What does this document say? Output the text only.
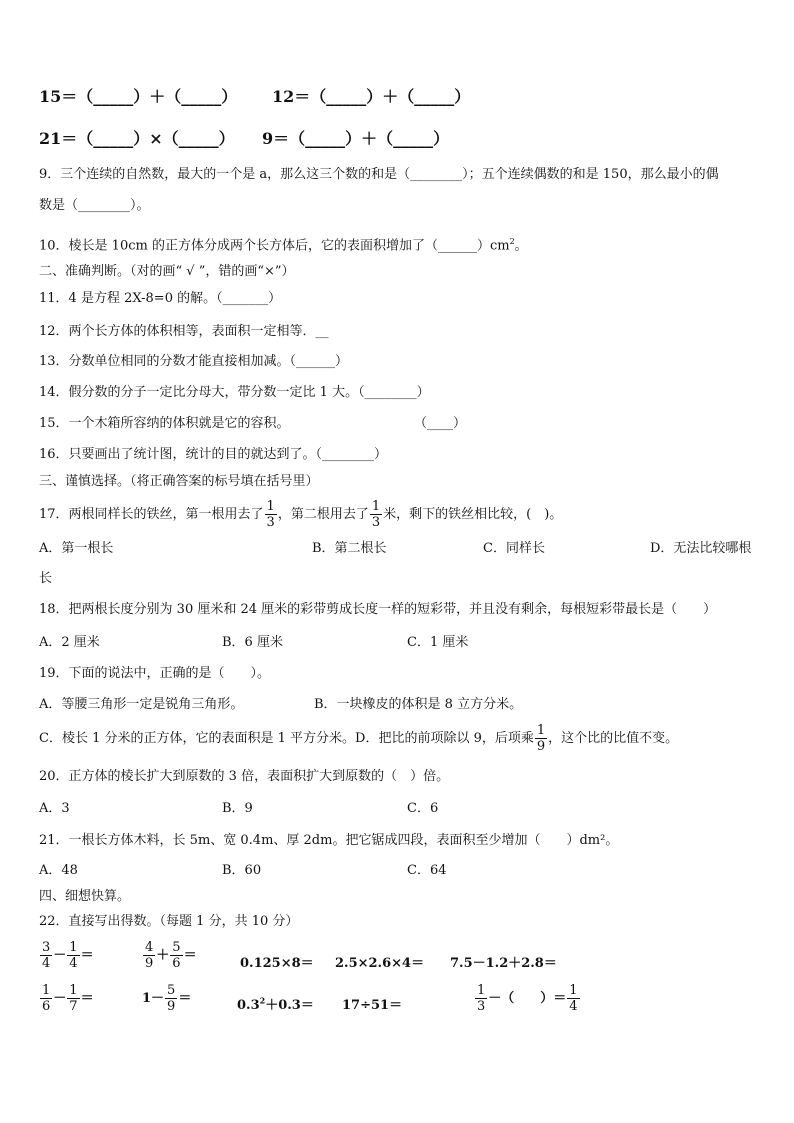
15＝（_____）＋（_____） 12＝（_____）＋（_____）
21＝（_____）×（_____） 9＝（_____）＋（_____）
9．三个连续的自然数，最大的一个是 a，那么这三个数的和是（________）；五个连续偶数的和是 150，那么最小的偶
数是（________）。
10．棱长是 10cm 的正方体分成两个长方体后，它的表面积增加了$(\_\_\_\_\_\_)cm^2$。
二、准确判断。（对的画“ √ ”，错的画“×”）
11．4 是方程 2X-8=0 的解。（_______）
12．两个长方体的体积相等，表面积一定相等．__
13．分数单位相同的分数才能直接相加减。（______）
14．假分数的分子一定比分母大，带分数一定比 1 大。（________）
15．一个木箱所容纳的体积就是它的容积。	（____）
16．只要画出了统计图，统计的目的就达到了。（________）
三、谨慎选择。（将正确答案的标号填在括号里）
17．两根同样长的铁丝，第一根用去了 $\frac{1}{3}$ ，第二根用去了 $\frac{1}{3}$ 米，剩下的铁丝相比较，(　)。
A．第一根长	B．第二根长	C．同样长	D．无法比较哪根
长
18．把两根长度分别为 30 厘米和 24 厘米的彩带剪成长度一样的短彩带，并且没有剩余，每根短彩带最长是（　　）
A．2 厘米	B．6 厘米	C．1 厘米
19．下面的说法中，正确的是（　　）。
A．等腰三角形一定是锐角三角形。	B．一块橡皮的体积是 8 立方分米。
C．棱长 1 分米的正方体，它的表面积是 1 平方分米。D．把比的前项除以 9，后项乘 $\frac{1}{9}$ ，这个比的比值不变。
20．正方体的棱长扩大到原数的 3 倍，表面积扩大到原数的（　）倍。
A．3	B．9	C．6
21．一根长方体木料，长 5m、宽 0.4m、厚 2dm。把它锯成四段，表面积至少增加（　　）dm²。
A．48	B．60	C．64
四、细想快算。
22．直接写出得数。（每题 1 分，共 10 分）
$\frac{3}{4} - \frac{1}{4}$ ＝	$\frac{4}{9} + \frac{5}{6}$ ＝
0.125×8＝ 2.5×2.6×4＝ 7.5－1.2＋2.8＝
$\frac{1}{6} - \frac{1}{7}$ ＝	$1- \frac{5}{9}$ ＝	$0.3^2+0.3= 17\div 51=$	$\frac{1}{3}$ －（　　）＝ $\frac{1}{4}$
